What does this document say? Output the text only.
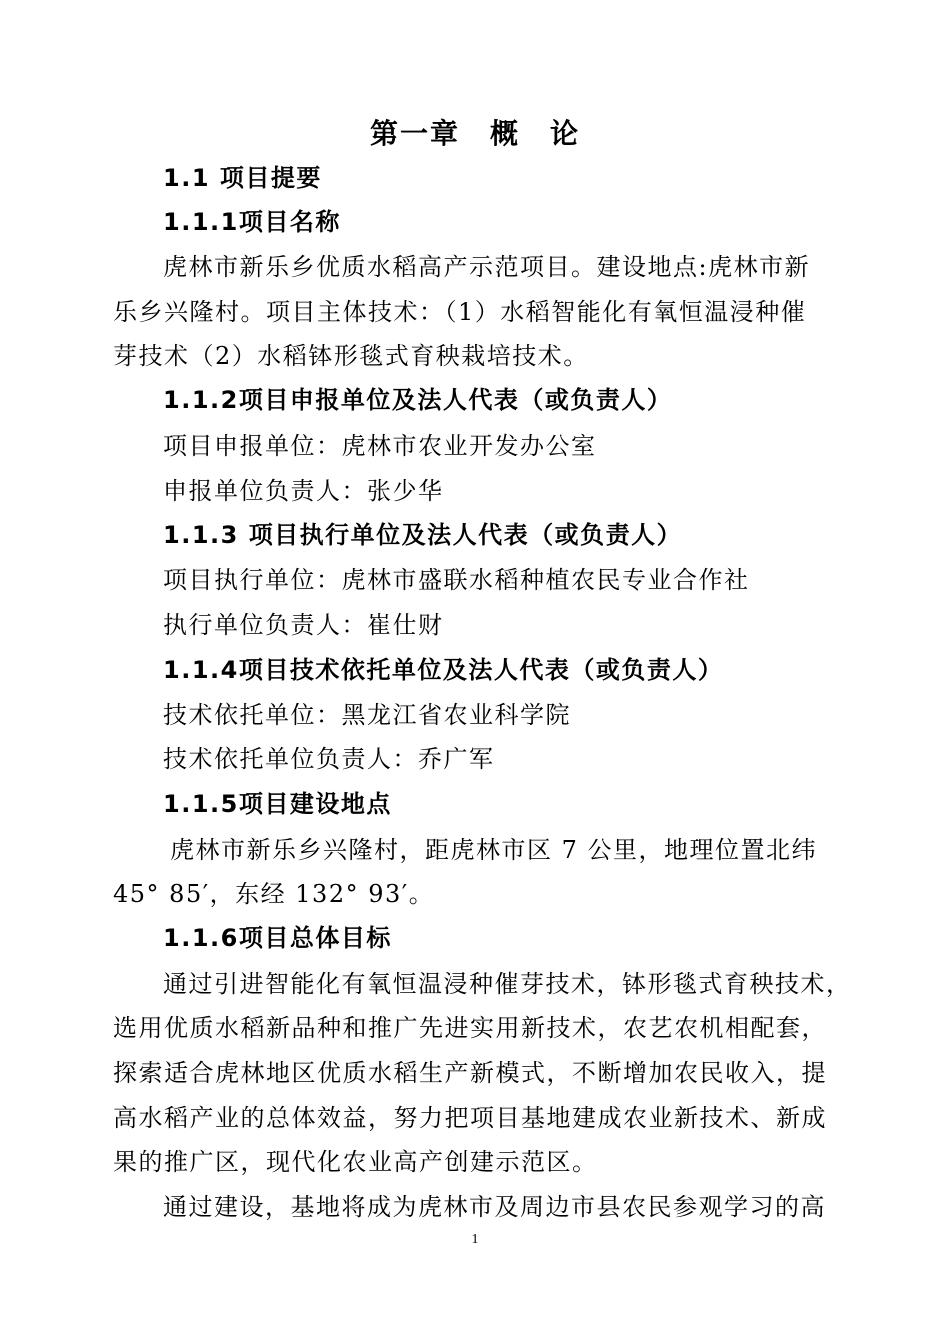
第一章　概　论
1.1 项目提要
1.1.1项目名称
虎林市新乐乡优质水稻高产示范项目。建设地点:虎林市新
乐乡兴隆村。项目主体技术：（1）水稻智能化有氧恒温浸种催
芽技术（2）水稻钵形毯式育秧栽培技术。
1.1.2项目申报单位及法人代表（或负责人）
项目申报单位：虎林市农业开发办公室
申报单位负责人：张少华
1.1.3 项目执行单位及法人代表（或负责人）
项目执行单位：虎林市盛联水稻种植农民专业合作社
执行单位负责人：崔仕财
1.1.4项目技术依托单位及法人代表（或负责人）
技术依托单位：黑龙江省农业科学院
技术依托单位负责人：乔广军
1.1.5项目建设地点
虎林市新乐乡兴隆村，距虎林市区 7 公里，地理位置北纬
45° 85′，东经 132° 93′。
1.1.6项目总体目标
通过引进智能化有氧恒温浸种催芽技术，钵形毯式育秧技术，
选用优质水稻新品种和推广先进实用新技术，农艺农机相配套，
探索适合虎林地区优质水稻生产新模式，不断增加农民收入，提
高水稻产业的总体效益，努力把项目基地建成农业新技术、新成
果的推广区，现代化农业高产创建示范区。
通过建设，基地将成为虎林市及周边市县农民参观学习的高
1
